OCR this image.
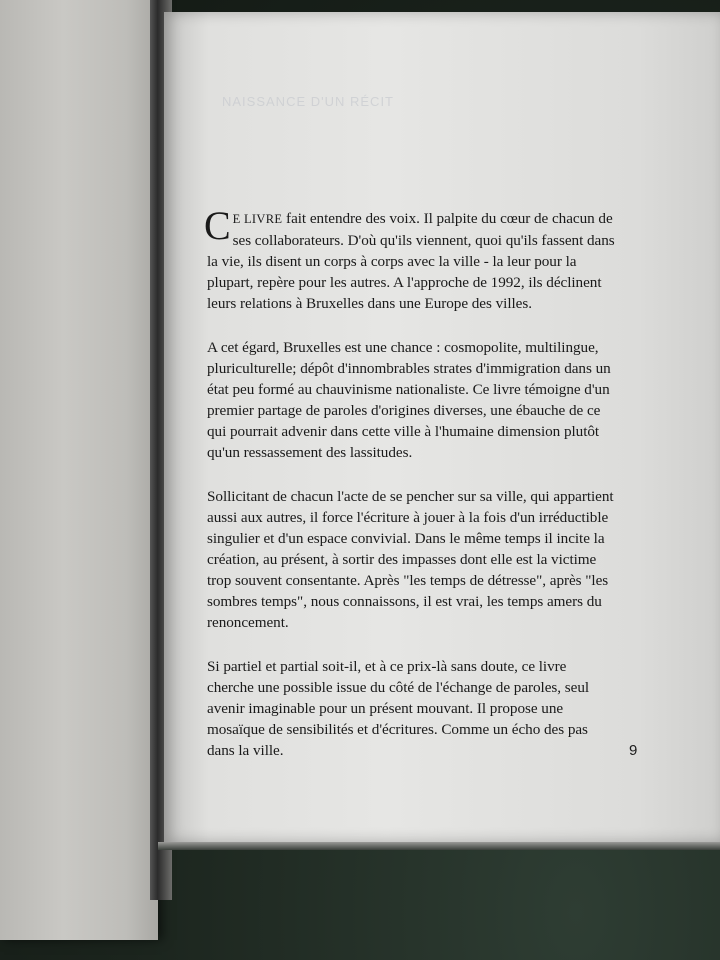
NAISSANCE D'UN RÉCIT

C E LIVRE fait entendre des voix. Il palpite du cœur de chacun de
ses collaborateurs. D'où qu'ils viennent, quoi qu'ils fassent dans
la vie, ils disent un corps à corps avec la ville - la leur pour la
plupart, repère pour les autres. A l'approche de 1992, ils déclinent
leurs relations à Bruxelles dans une Europe des villes.

A cet égard, Bruxelles est une chance : cosmopolite, multilingue,
pluriculturelle; dépôt d'innombrables strates d'immigration dans un
état peu formé au chauvinisme nationaliste. Ce livre témoigne d'un
premier partage de paroles d'origines diverses, une ébauche de ce
qui pourrait advenir dans cette ville à l'humaine dimension plutôt
qu'un ressassement des lassitudes.

Sollicitant de chacun l'acte de se pencher sur sa ville, qui appartient
aussi aux autres, il force l'écriture à jouer à la fois d'un irréductible
singulier et d'un espace convivial. Dans le même temps il incite la
création, au présent, à sortir des impasses dont elle est la victime
trop souvent consentante. Après "les temps de détresse", après "les
sombres temps", nous connaissons, il est vrai, les temps amers du
renoncement.

Si partiel et partial soit-il, et à ce prix-là sans doute, ce livre
cherche une possible issue du côté de l'échange de paroles, seul
avenir imaginable pour un présent mouvant. Il propose une
mosaïque de sensibilités et d'écritures. Comme un écho des pas
dans la ville.	9
